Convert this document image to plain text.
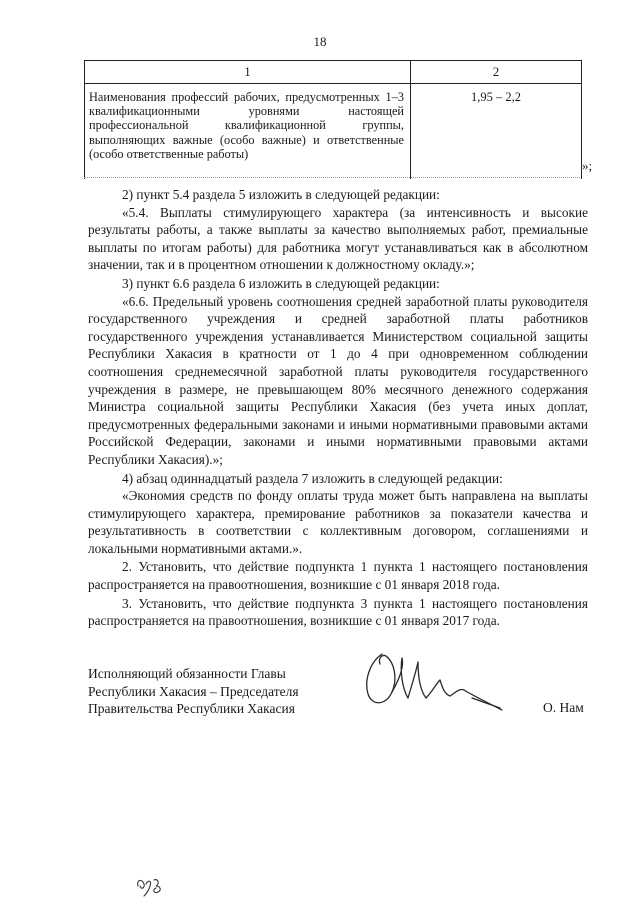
18
1	2
Наименования профессий рабочих, предусмотренных 1–3 квалификационными уровнями настоящей профессиональной квалификационной группы, выполняющих важные (особо важные) и ответственные (особо ответственные работы)
1,95 – 2,2
»;

2) пункт 5.4 раздела 5 изложить в следующей редакции:

«5.4. Выплаты стимулирующего характера (за интенсивность и высокие результаты работы, а также выплаты за качество выполняемых работ, премиальные выплаты по итогам работы) для работника могут устанавливаться как в абсолютном значении, так и в процентном отношении к должностному окладу.»;

3) пункт 6.6 раздела 6 изложить в следующей редакции:

«6.6. Предельный уровень соотношения средней заработной платы руководителя государственного учреждения и средней заработной платы работников государственного учреждения устанавливается Министерством социальной защиты Республики Хакасия в кратности от 1 до 4 при одновременном соблюдении соотношения среднемесячной заработной платы руководителя государственного учреждения в размере, не превышающем 80% месячного денежного содержания Министра социальной защиты Республики Хакасия (без учета иных доплат, предусмотренных федеральными законами и иными нормативными правовыми актами Российской Федерации, законами и иными нормативными правовыми актами Республики Хакасия).»;

4) абзац одиннадцатый раздела 7 изложить в следующей редакции:

«Экономия средств по фонду оплаты труда может быть направлена на выплаты стимулирующего характера, премирование работников за показатели качества и результативность в соответствии с коллективным договором, соглашениями и локальными нормативными актами.».

2. Установить, что действие подпункта 1 пункта 1 настоящего постановления распространяется на правоотношения, возникшие с 01 января 2018 года.

3. Установить, что действие подпункта 3 пункта 1 настоящего постановления распространяется на правоотношения, возникшие с 01 января 2017 года.

Исполняющий обязанности Главы
Республики Хакасия – Председателя
Правительства Республики Хакасия	О. Нам
